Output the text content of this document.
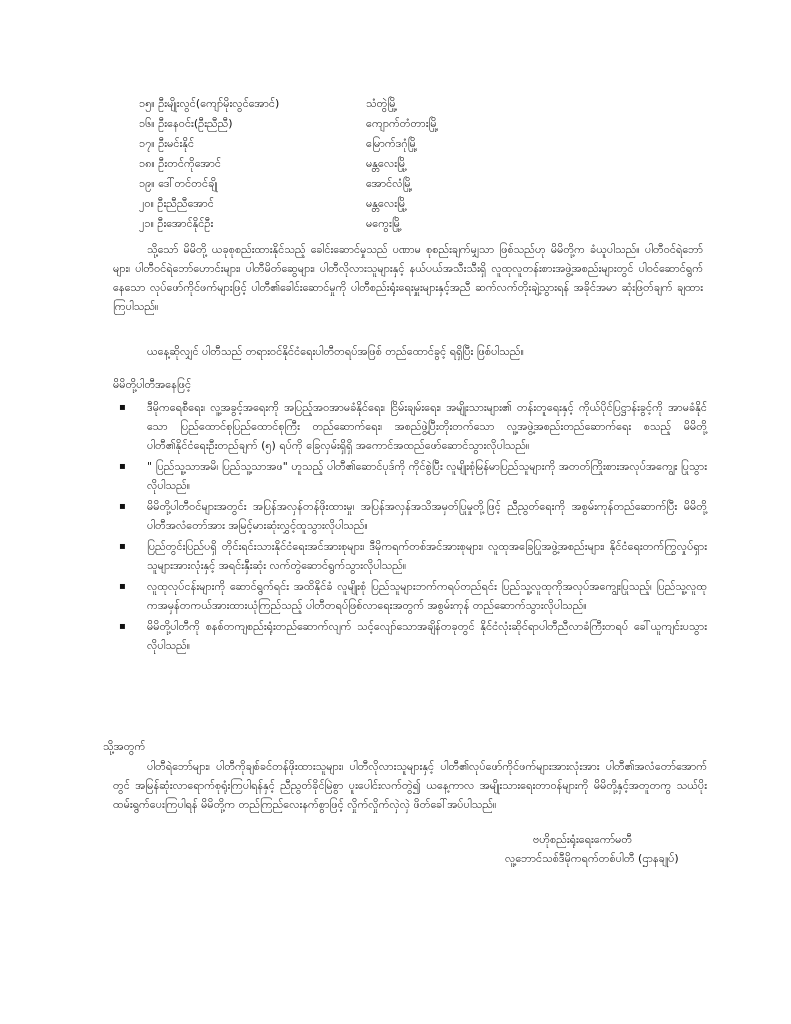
၁၅။ ဦးမျိုးလွင်(ကျော်မိုးလွင်အောင်)	သံတွဲမြို့
၁၆။ ဦးနေဝင်း(ဦးညီညီ)	ကျောက်တံတားမြို့
၁၇။ ဦးမင်းနိုင်	မြောက်ဒဂုံမြို့
၁၈။ ဦးတင်ကိုအောင်	မန္တလေးမြို့
၁၉။ ဒေါ်တင်တင်ချို	အောင်လံမြို့
၂၀။ ဦးညီညီအောင်	မန္တလေးမြို့
၂၁။ ဦးအောင်နိုင်ဦး	မကွေးမြို့

သို့သော် မိမိတို့ ယခုစုစည်းထားနိုင်သည့် ခေါင်းဆောင်မှုသည် ပဏာမ စုစည်းချက်မျှသာ ဖြစ်သည်ဟု မိမိတို့က ခံယူပါသည်။ ပါတီဝင်ရဲဘော်များ၊ ပါတီဝင်ရဲဘော်ဟောင်းများ၊ ပါတီမိတ်ဆွေများ၊ ပါတီလိုလားသူများနှင့် နယ်ပယ်အသီးသီးရှိ လူထုလူတန်းစားအဖွဲ့အစည်းများတွင် ပါဝင်ဆောင်ရွက်နေသော လုပ်ဖော်ကိုင်ဖက်များဖြင့် ပါတီ၏ခေါင်းဆောင်မှုကို ပါတီစည်းရုံးရေးမှူးများနှင့်အညီ ဆက်လက်တိုးချဲ့သွားရန် အခိုင်အမာ ဆုံးဖြတ်ချက် ချထားကြပါသည်။

ယနေ့ဆိုလျှင် ပါတီသည် တရားဝင်နိုင်ငံရေးပါတီတရပ်အဖြစ် တည်ထောင်ခွင့် ရရှိပြီး ဖြစ်ပါသည်။

မိမိတို့ပါတီအနေဖြင့်
▪	ဒီမိုကရေစီရေး၊ လူ့အခွင့်အရေးကို အပြည့်အဝအာမခံနိုင်ရေး၊ ငြိမ်းချမ်းရေး၊ အမျိုးသားများ၏ တန်းတူရေးနှင့် ကိုယ်ပိုင်ပြဋ္ဌာန်းခွင့်ကို အာမခံနိုင်သော ပြည်ထောင်စုပြည်ထောင်စုကြီး တည်ဆောက်ရေး၊ အစည်ဖွဲ့ပြီးတိုးတက်သော လူ့အဖွဲ့အစည်းတည်ဆောက်ရေး စသည့် မိမိတို့ပါတီ၏နိုင်ငံရေးဦးတည်ချက် (၅) ရပ်ကို ခြေလှမ်းရှိရှိ အကောင်အထည်ဖော်ဆောင်သွားလိုပါသည်။
▪	" ပြည်သူ့သာအမိ၊ ပြည်သူ့သာအဖ" ဟူသည့် ပါတီ၏ဆောင်ပုဒ်ကို ကိုင်စွဲပြီး လူမျိုးစုံမြန်မာပြည်သူများကို အတတ်ကြိုးစားအလုပ်အကျွေး ပြုသွားလိုပါသည်။
▪	မိမိတို့ပါတီဝင်များအတွင်း အပြန်အလှန်တန်ဖိုးထားမှု၊ အပြန်အလှန်အသိအမှတ်ပြုမှုတို့ဖြင့် ညီညွတ်ရေးကို အစွမ်းကုန်တည်ဆောက်ပြီး မိမိတို့ပါတီအလံတော်အား အမြင့်မားဆုံးလွှင့်ထူသွားလိုပါသည်။
▪	ပြည်တွင်းပြည်ပရှိ တိုင်းရင်းသားနိုင်ငံရေးအင်အားစုများ၊ ဒီမိုကရက်တစ်အင်အားစုများ၊ လူထုအခြေပြုအဖွဲ့အစည်းများ၊ နိုင်ငံရေးတက်ကြွလှုပ်ရှားသူများအားလုံးနှင့် အရင်းနှီးဆုံး လက်တွဲဆောင်ရွက်သွားလိုပါသည်။
▪	လူထုလုပ်ငန်းများကို ဆောင်ရွက်ရင်း အထိနိုင်ခံ လူမျိုးစုံ ပြည်သူများဘက်ကရပ်တည်ရင်း ပြည်သူ့လူထုကိုအလုပ်အကျွေးပြုသည့်၊ ပြည်သူ့လူထုကအမှန်တကယ်အားထားယုံကြည်သည့် ပါတီတရပ်ဖြစ်လာရေးအတွက် အစွမ်းကုန် တည်ဆောက်သွားလိုပါသည်။
▪	မိမိတို့ပါတီကို စနစ်တကျစည်းရုံးတည်ဆောက်လျက် သင့်လျော်သောအချိန်တခုတွင် နိုင်ငံလုံးဆိုင်ရာပါတီညီလာခံကြီးတရပ် ခေါ်ယူကျင်းပသွားလိုပါသည်။
သို့အတွက်

ပါတီရဲဘော်များ၊ ပါတီကိုချစ်ခင်တန်ဖိုးထားသူများ၊ ပါတီလိုလားသူများနှင့် ပါတီ၏လုပ်ဖော်ကိုင်ဖက်များအားလုံးအား ပါတီ၏အလံတော်အောက်တွင် အမြန်ဆုံးလာရောက်စုရုံးကြပါရန်နှင့် ညီညွတ်ခိုင်မြဲစွာ ပူးပေါင်းလက်တွဲ၍ ယနေ့ကာလ အမျိုးသားရေးတာဝန်များကို မိမိတို့နှင့်အတူတကွ သယ်ပိုးထမ်းရွက်ပေးကြပါရန် မိမိတို့က တည်ကြည်လေးနက်စွာဖြင့် လှိုက်လှိုက်လှဲလှဲ ဖိတ်ခေါ်အပ်ပါသည်။

ဗဟိုစည်းရုံးရေးကော်မတီ
လူ့ဘောင်သစ်ဒီမိုကရက်တစ်ပါတီ (ဌာနချုပ်)
